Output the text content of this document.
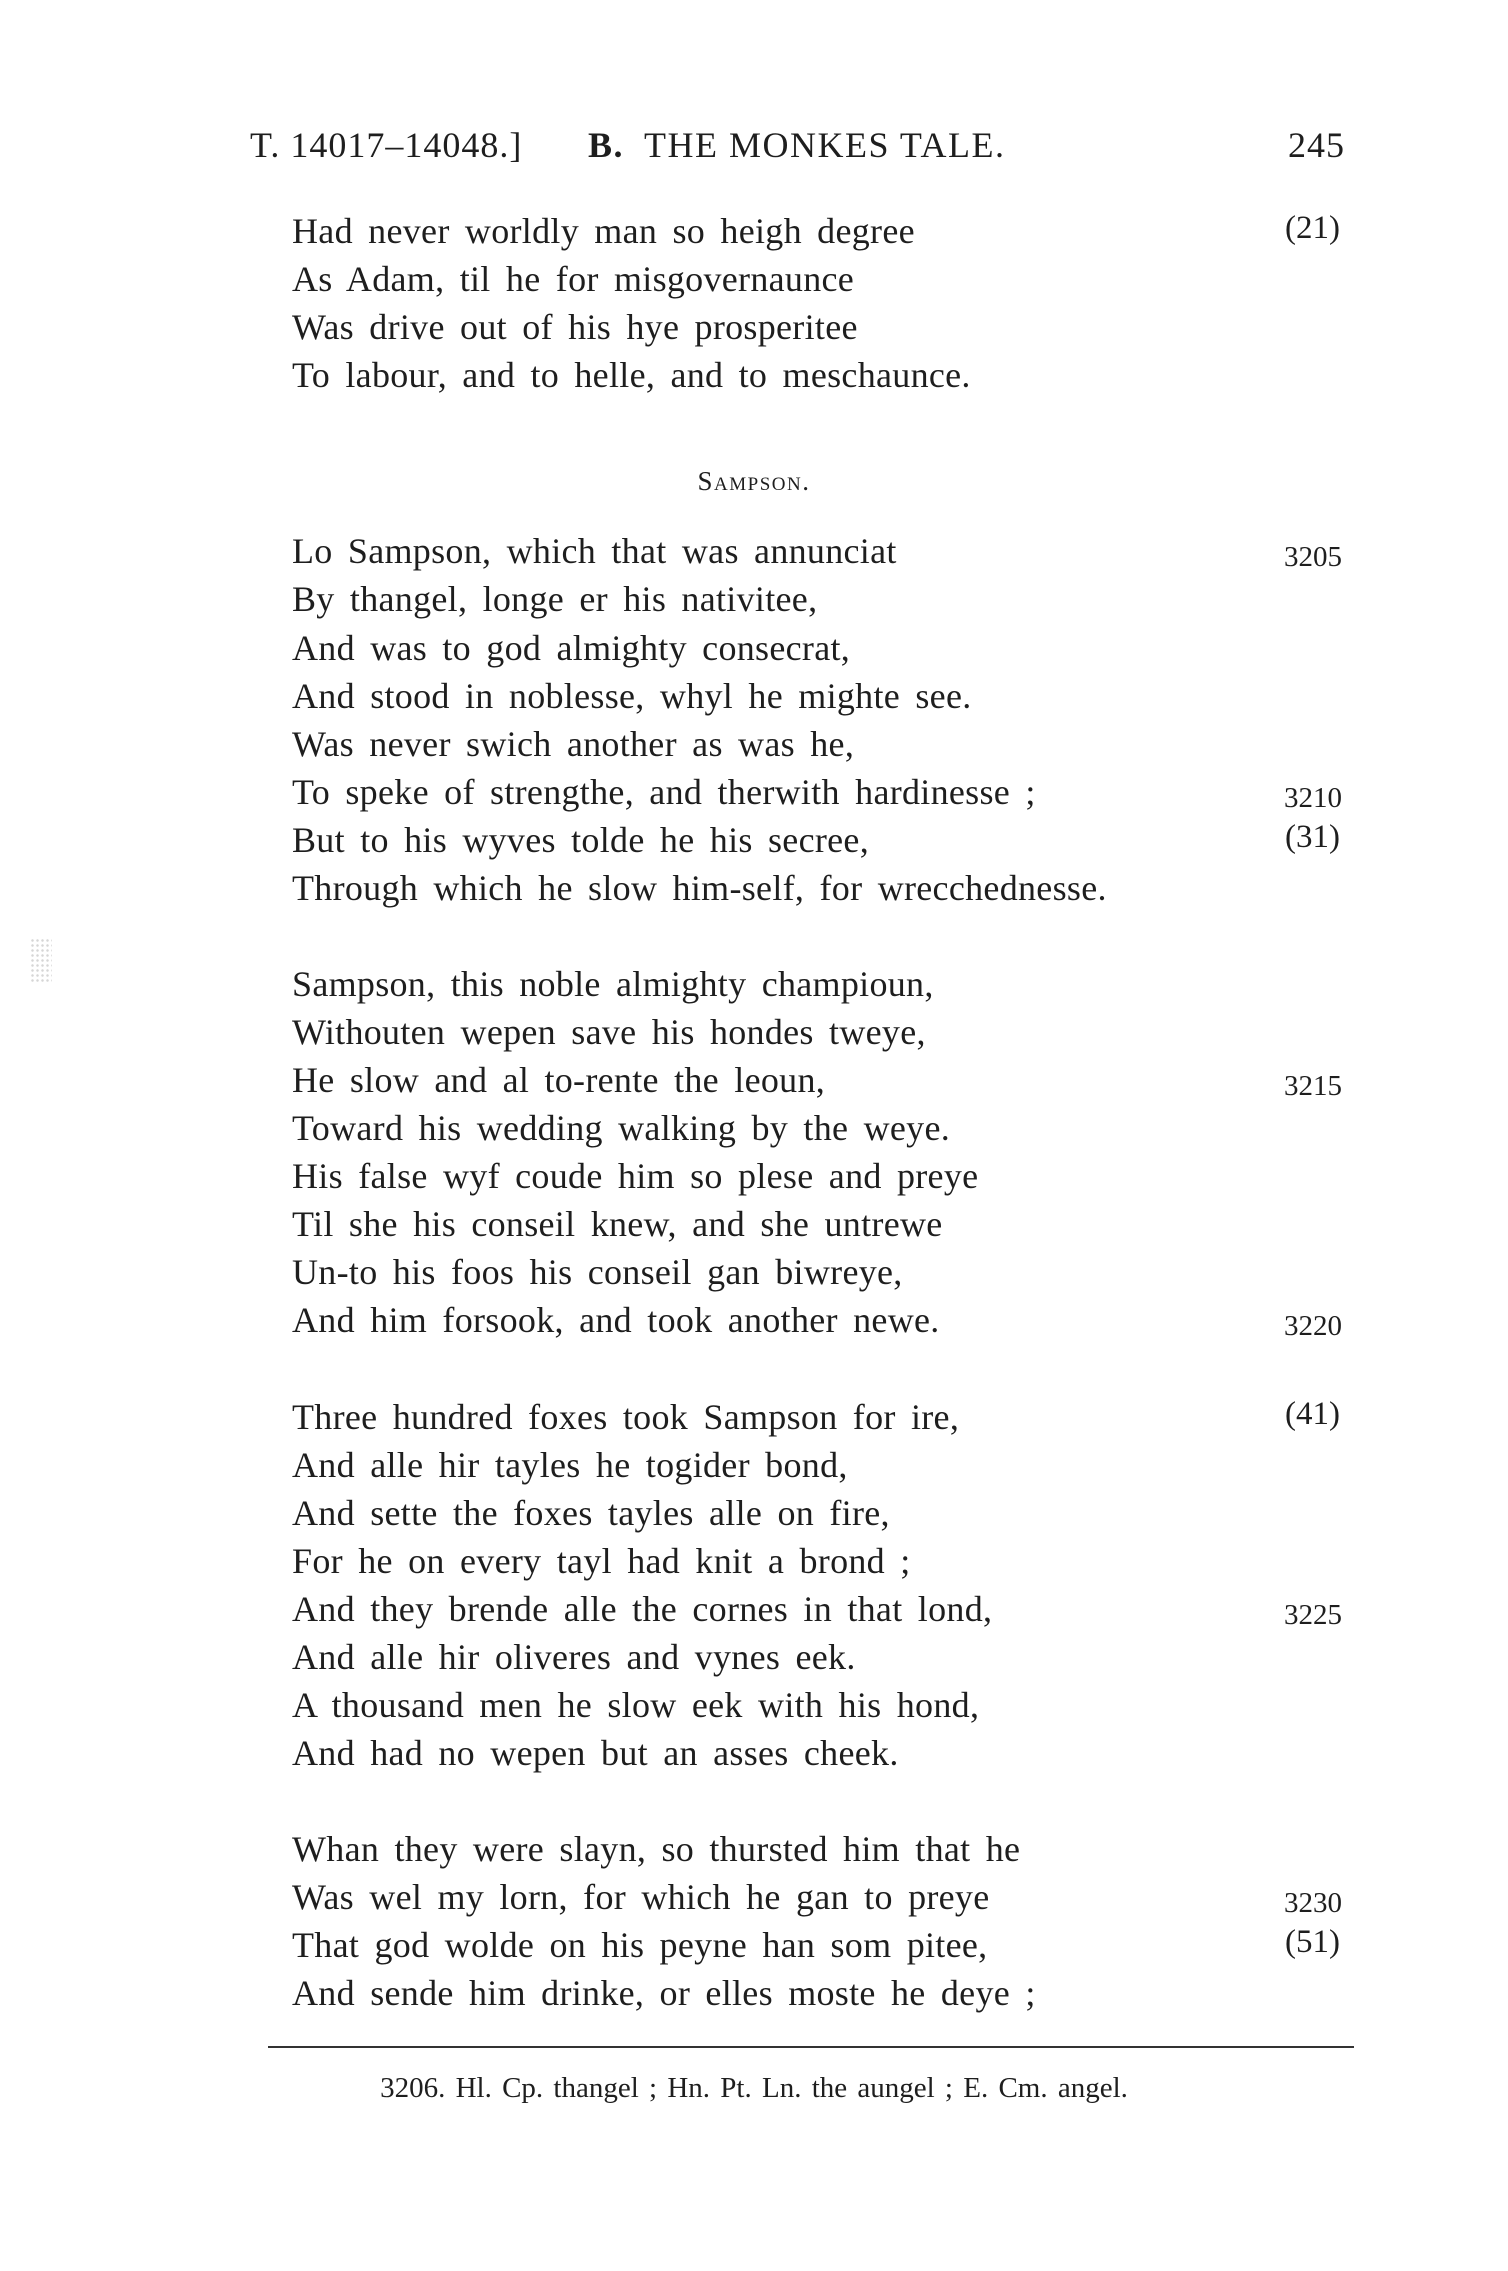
T. 14017–14048.] B. THE MONKES TALE.	245
Had never worldly man so heigh degree
As Adam, til he for misgovernaunce
Was drive out of his hye prosperitee
To labour, and to helle, and to meschaunce.
(21)
Sampson.
Lo Sampson, which that was annunciat
By thangel, longe er his nativitee,
And was to god almighty consecrat,
And stood in noblesse, whyl he mighte see.
Was never swich another as was he,
To speke of strengthe, and therwith hardinesse ;
But to his wyves tolde he his secree,
Through which he slow him-self, for wrecchednesse.
3205
3210
(31)
Sampson, this noble almighty champioun,
Withouten wepen save his hondes tweye,
He slow and al to-rente the leoun,
Toward his wedding walking by the weye.
His false wyf coude him so plese and preye
Til she his conseil knew, and she untrewe
Un-to his foos his conseil gan biwreye,
And him forsook, and took another newe.
3215
3220
Three hundred foxes took Sampson for ire,
And alle hir tayles he togider bond,
And sette the foxes tayles alle on fire,
For he on every tayl had knit a brond ;
And they brende alle the cornes in that lond,
And alle hir oliveres and vynes eek.
A thousand men he slow eek with his hond,
And had no wepen but an asses cheek.
(41)
3225
Whan they were slayn, so thursted him that he
Was wel my lorn, for which he gan to preye
That god wolde on his peyne han som pitee,
And sende him drinke, or elles moste he deye ;
3230
(51)
3206. Hl. Cp. thangel ; Hn. Pt. Ln. the aungel ; E. Cm. angel.
